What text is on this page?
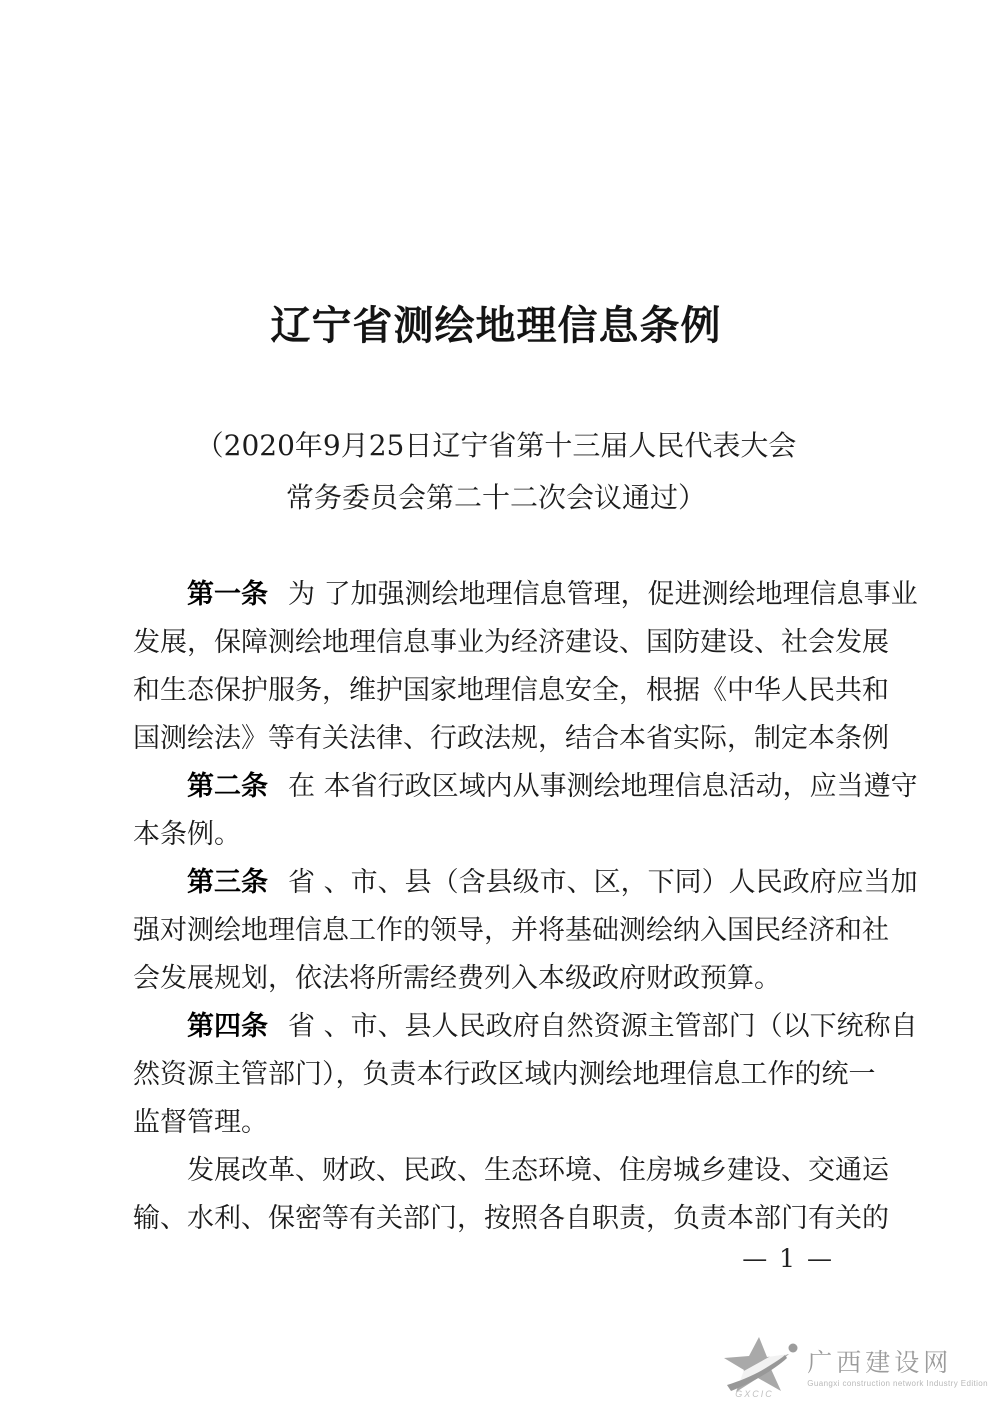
辽宁省测绘地理信息条例
（2020年9月25日辽宁省第十三届人民代表大会
常务委员会第二十二次会议通过）
第一条 为 了加强测绘地理信息管理，促进测绘地理信息事业
发展，保障测绘地理信息事业为经济建设、国防建设、社会发展
和生态保护服务，维护国家地理信息安全，根据《中华人民共和
国测绘法》等有关法律、行政法规，结合本省实际，制定本条例
第二条 在 本省行政区域内从事测绘地理信息活动，应当遵守
本条例。
第三条 省 、市、县（含县级市、区，下同）人民政府应当加
强对测绘地理信息工作的领导，并将基础测绘纳入国民经济和社
会发展规划，依法将所需经费列入本级政府财政预算。
第四条 省 、市、县人民政府自然资源主管部门（以下统称自
然资源主管部门），负责本行政区域内测绘地理信息工作的统一
监督管理。
发展改革、财政、民政、生态环境、住房城乡建设、交通运
输、水利、保密等有关部门，按照各自职责，负责本部门有关的
— 1 —
GXCIC
广西建设网
Guangxi construction network Industry Edition
